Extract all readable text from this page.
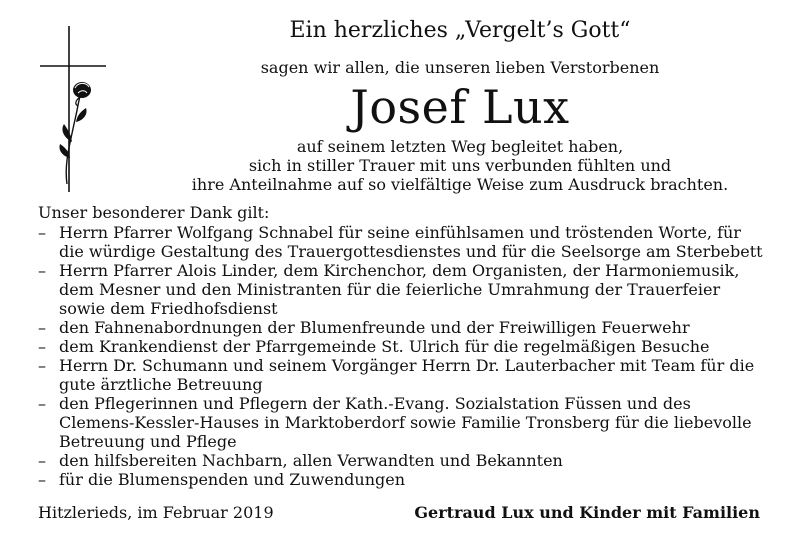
Ein herzliches „Vergelt’s Gott“
sagen wir allen, die unseren lieben Verstorbenen
Josef Lux
auf seinem letzten Weg begleitet haben,
sich in stiller Trauer mit uns verbunden fühlten und
ihre Anteilnahme auf so vielfältige Weise zum Ausdruck brachten.
Unser besonderer Dank gilt:
– Herrn Pfarrer Wolfgang Schnabel für seine einfühlsamen und tröstenden Worte, für
die würdige Gestaltung des Trauergottesdienstes und für die Seelsorge am Sterbebett
– Herrn Pfarrer Alois Linder, dem Kirchenchor, dem Organisten, der Harmoniemusik,
dem Mesner und den Ministranten für die feierliche Umrahmung der Trauerfeier
sowie dem Friedhofsdienst
– den Fahnenabordnungen der Blumenfreunde und der Freiwilligen Feuerwehr
– dem Krankendienst der Pfarrgemeinde St. Ulrich für die regelmäßigen Besuche
– Herrn Dr. Schumann und seinem Vorgänger Herrn Dr. Lauterbacher mit Team für die
gute ärztliche Betreuung
– den Pflegerinnen und Pflegern der Kath.-Evang. Sozialstation Füssen und des
Clemens-Kessler-Hauses in Marktoberdorf sowie Familie Tronsberg für die liebevolle
Betreuung und Pflege
– den hilfsbereiten Nachbarn, allen Verwandten und Bekannten
– für die Blumenspenden und Zuwendungen
Hitzlerieds, im Februar 2019	Gertraud Lux und Kinder mit Familien
